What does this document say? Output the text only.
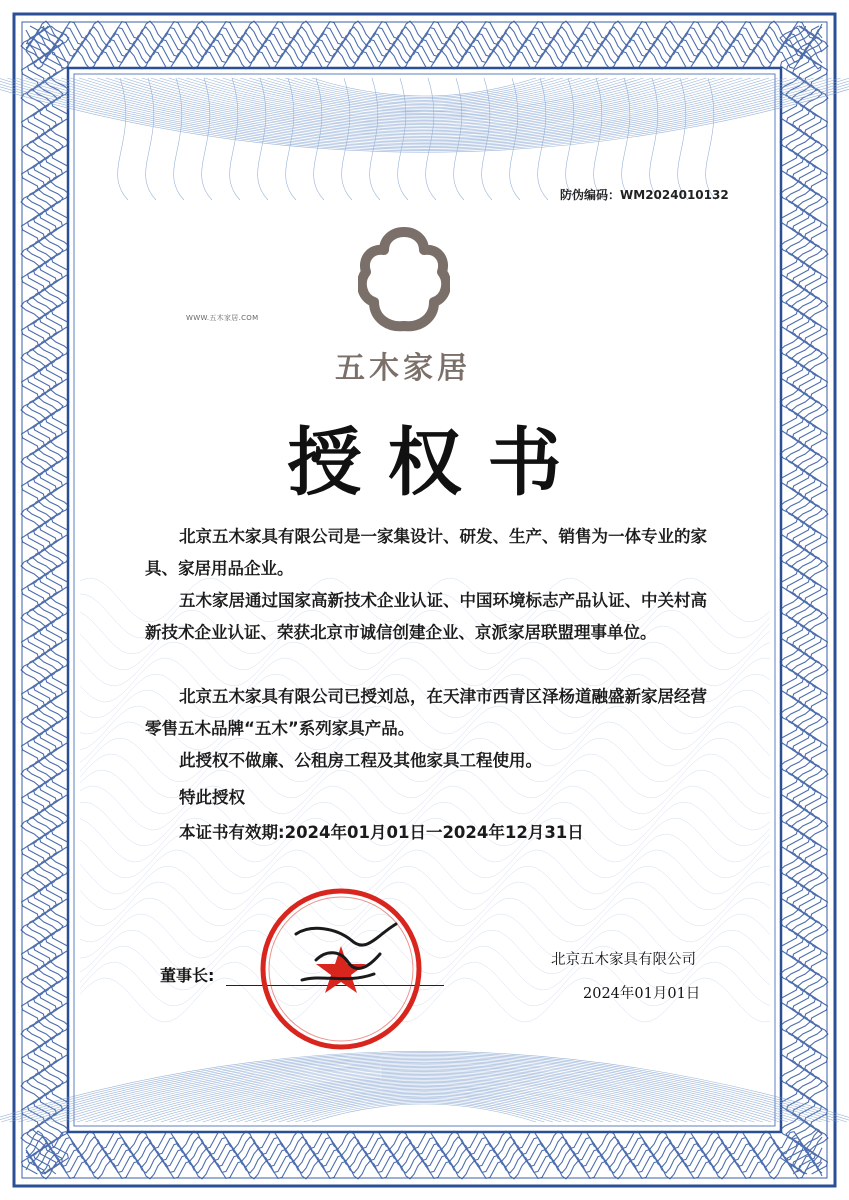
防伪编码：WM2024010132
WWW.五木家居.COM
五木家居
授权书
北京五木家具有限公司是一家集设计、研发、生产、销售为一体专业的家具、家居用品企业。
五木家居通过国家高新技术企业认证、中国环境标志产品认证、中关村高新技术企业认证、荣获北京市诚信创建企业、京派家居联盟理事单位。
北京五木家具有限公司已授刘总，在天津市西青区泽杨道融盛新家居经营零售五木品牌“五木”系列家具产品。
此授权不做廉、公租房工程及其他家具工程使用。
特此授权
本证书有效期:2024年01月01日一2024年12月31日
董事长:
北京五木家具有限公司
2024年01月01日
